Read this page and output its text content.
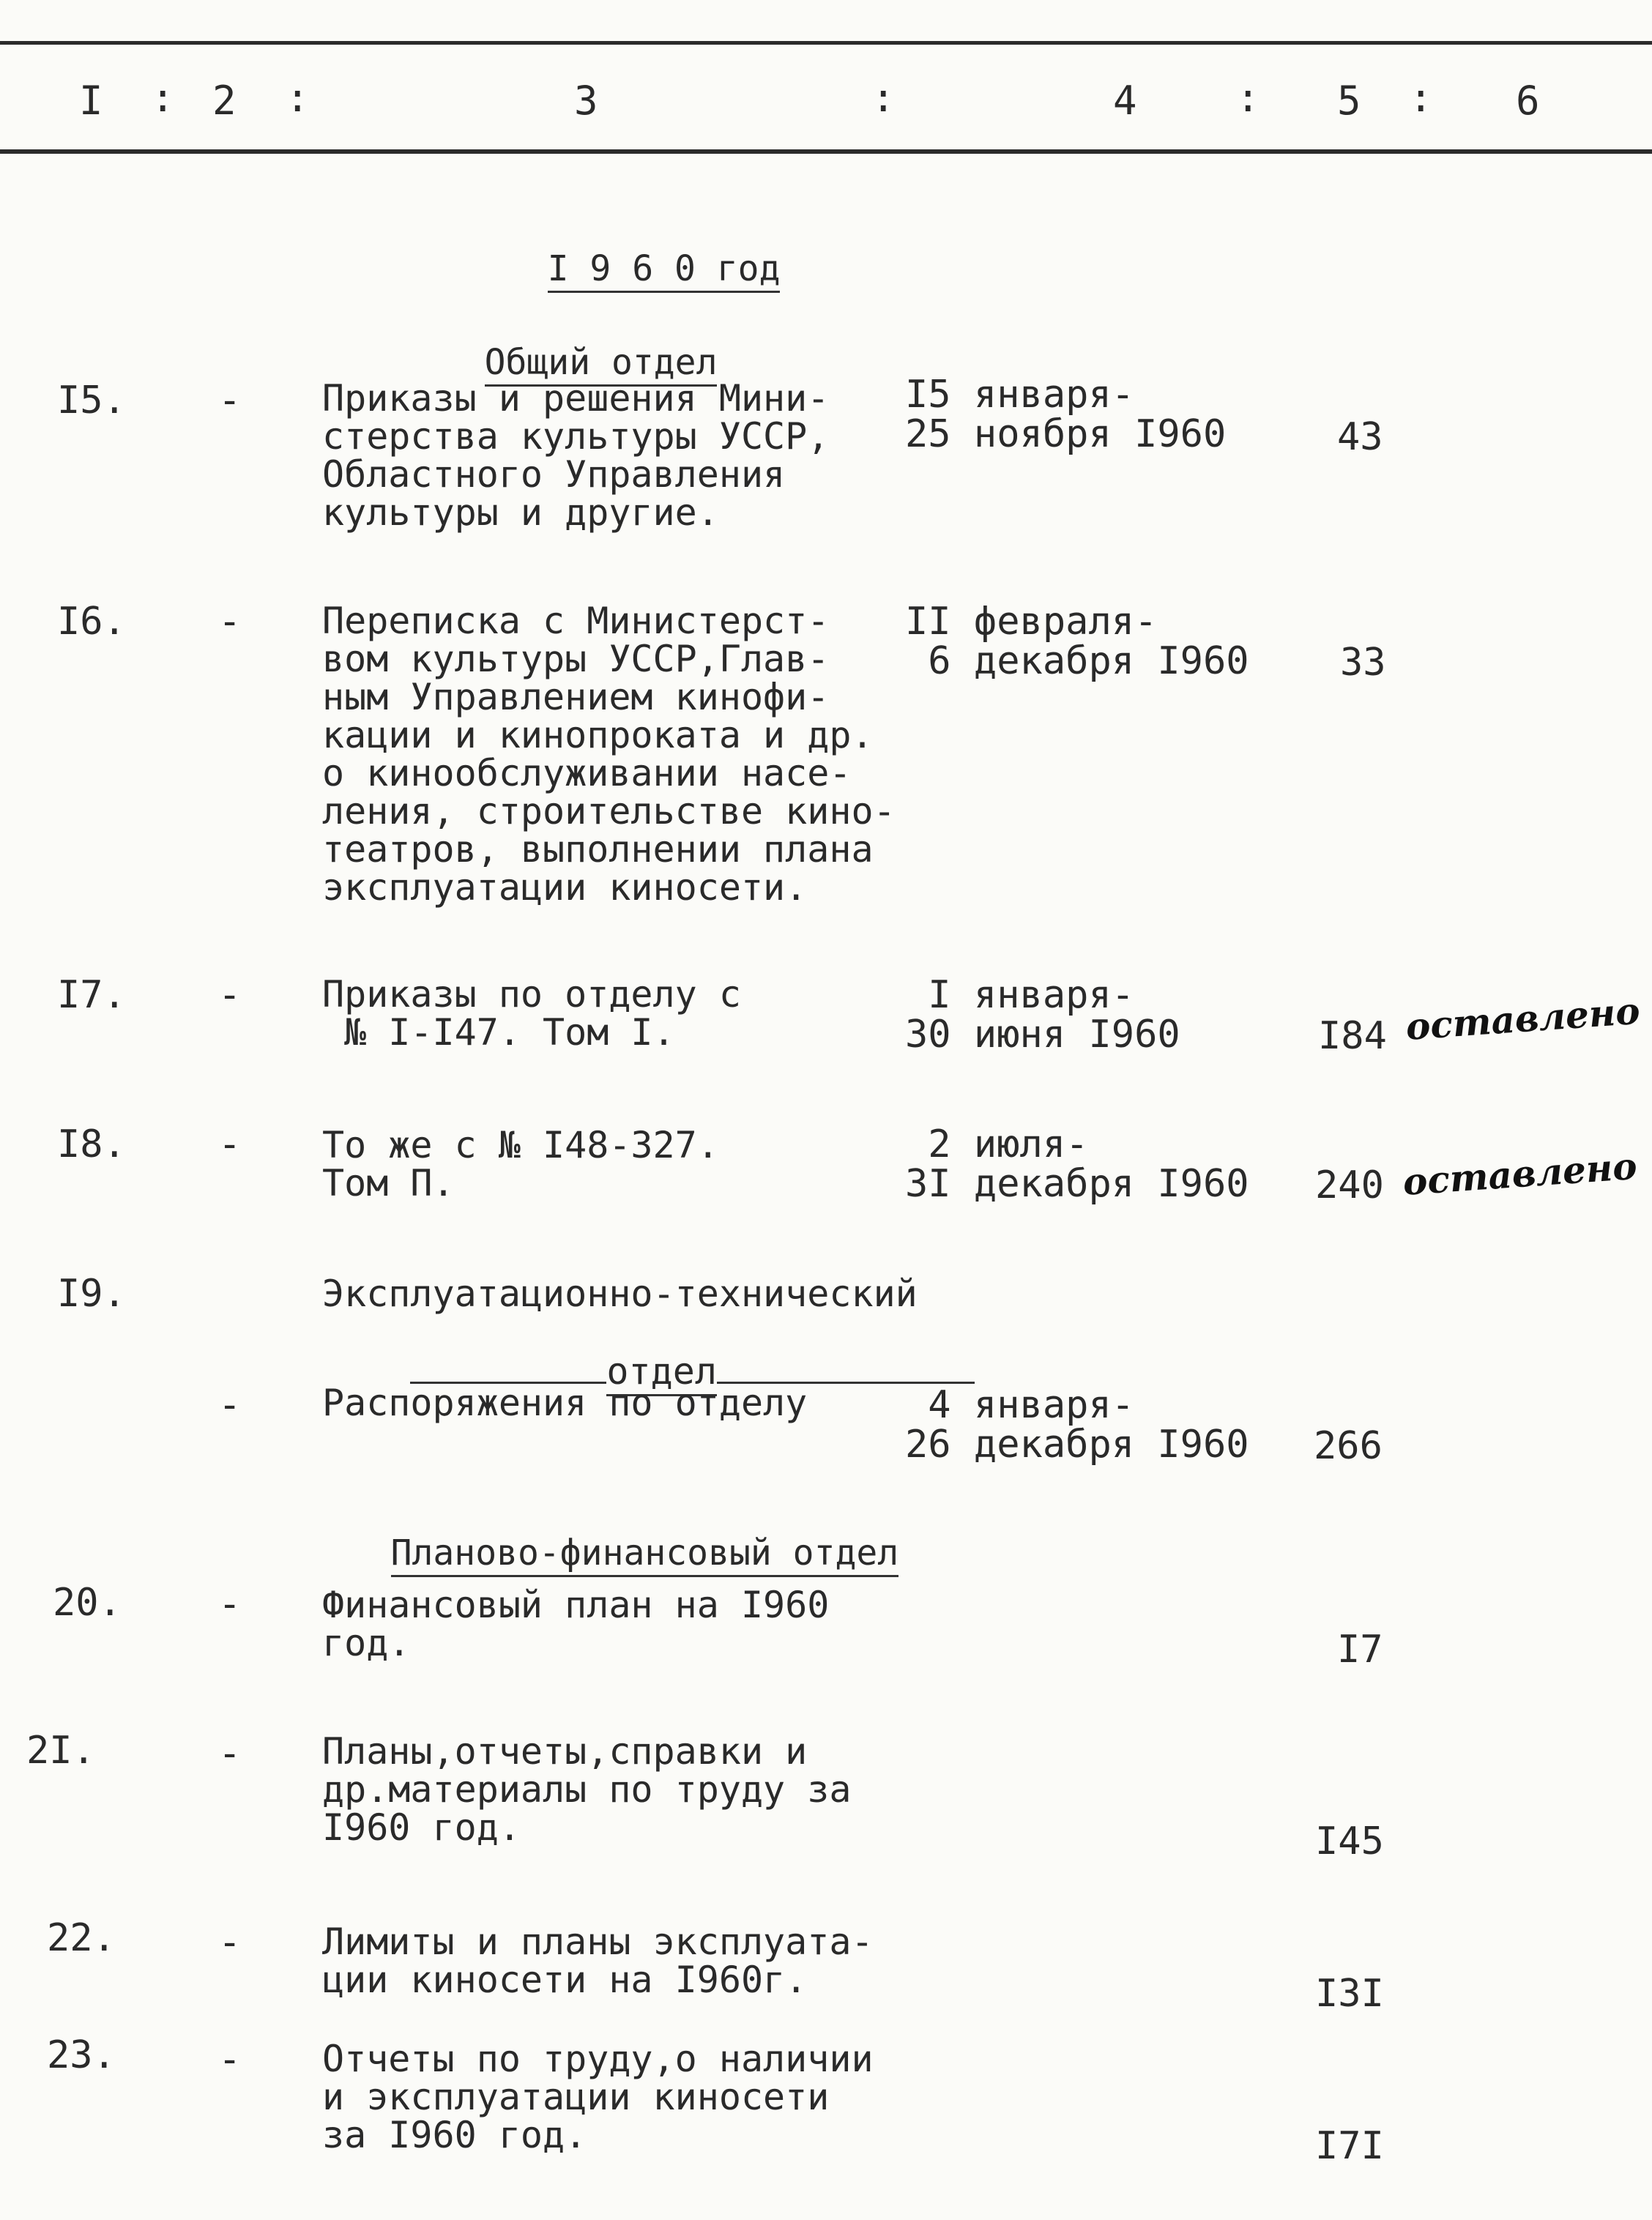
I : 2 :	3	:	4	: 5 : 6

I 9 6 0 год

Общий отдел

I5. - Приказы и решения Мини-
стерства культуры УССР,
Областного Управления
культуры и другие.
I5 января-
25 ноября I960	43
I6. - Переписка с Министерст-
вом культуры УССР,Глав-
ным Управлением кинофи-
кации и кинопроката и др.
о кинообслуживании насе-
ления, строительстве кино-
театров, выполнении плана
эксплуатации киносети.
II февраля-
6 декабря I960 33
I7. - Приказы по отделу с
№ I-I47. Том I.
I января-
30 июня I960	I84 оставлено
I8. - То же с № I48-327.
Том П.
2 июля-
3I декабря I960 240 оставлено
I9.	Эксплуатационно-технический

отдел

- Распоряжения по отделу	4 января-
26 декабря I960 266

Планово-финансовый отдел

20.	- Финансовый план на I960
год.	I7
2I.	- Планы,отчеты,справки и
др.материалы по труду за
I960 год.	I45
22.	- Лимиты и планы эксплуата-
ции киносети на I960г.	I3I
23.	- Отчеты по труду,о наличии
и эксплуатации киносети
за I960 год.	I7I
